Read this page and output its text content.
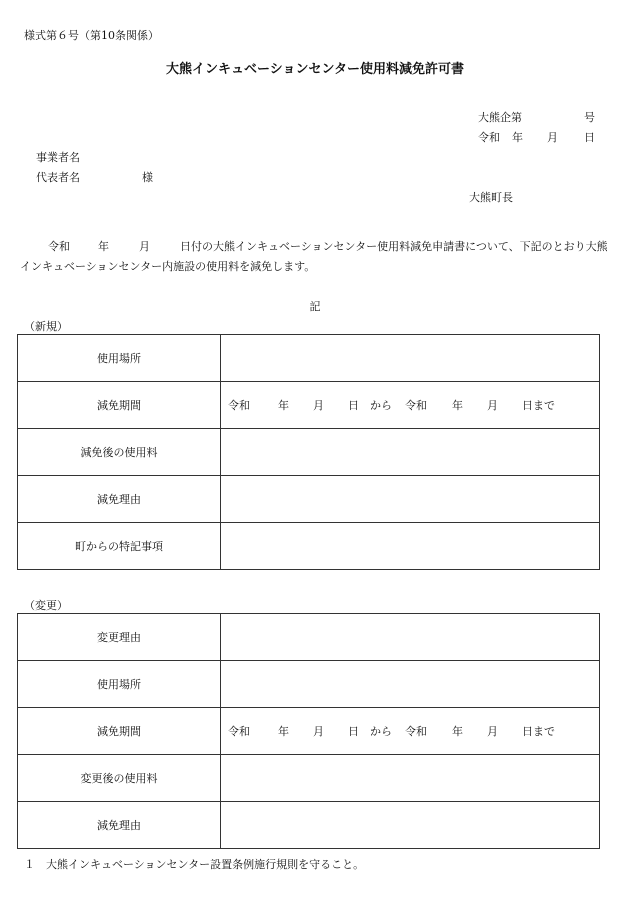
様式第６号（第10条関係）
大熊インキュベーションセンター使用料減免許可書
大熊企第	号
令和 年 月 日
事業者名
代表者名	様
大熊町長
令和	年	月	日付の大熊インキュベーションセンター使用料減免申請書について、下記のとおり大熊インキュベーションセンター内施設の使用料を減免します。
記
（新規）
使用場所	
減免期間	令和 年 月 日 から 令和 年 月 日まで
減免後の使用料	
減免理由	
町からの特記事項	
（変更）
変更理由	
使用場所	
減免期間	令和 年 月 日 から 令和 年 月 日まで
変更後の使用料	
減免理由	
１　大熊インキュベーションセンター設置条例施行規則を守ること。
